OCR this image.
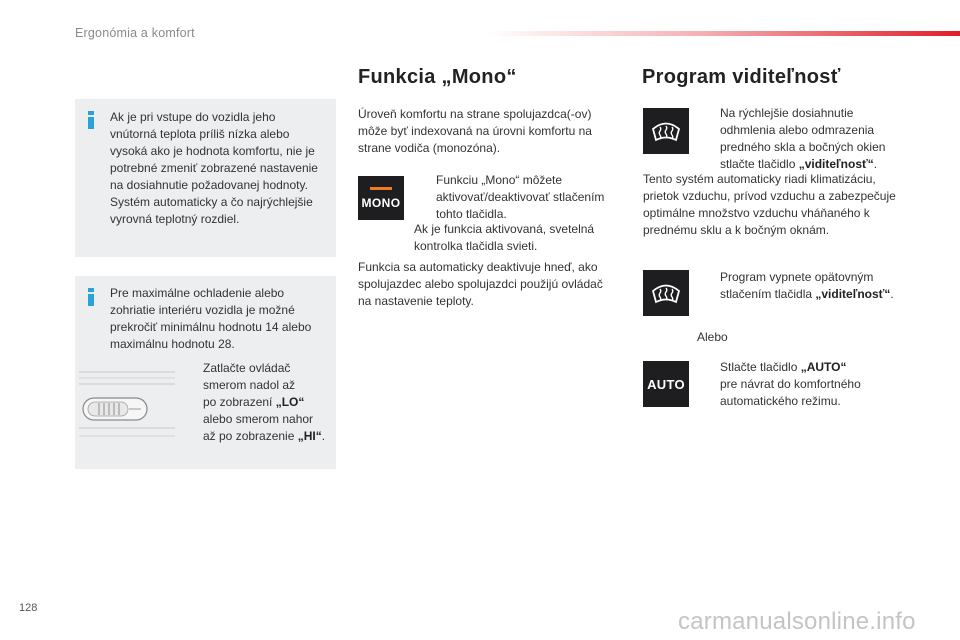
Ergonómia a komfort
Ak je pri vstupe do vozidla jeho
vnútorná teplota príliš nízka alebo
vysoká ako je hodnota komfortu, nie je
potrebné zmeniť zobrazené nastavenie
na dosiahnutie požadovanej hodnoty.
Systém automaticky a čo najrýchlejšie
vyrovná teplotný rozdiel.
Pre maximálne ochladenie alebo
zohriatie interiéru vozidla je možné
prekročiť minimálnu hodnotu 14 alebo
maximálnu hodnotu 28.
Zatlačte ovládač
smerom nadol až
po zobrazení „LO“
alebo smerom nahor
až po zobrazenie „HI“.
Funkcia „Mono“
Úroveň komfortu na strane spolujazdca(-ov)
môže byť indexovaná na úrovni komfortu na
strane vodiča (monozóna).
MONO
Funkciu „Mono“ môžete
aktivovať/deaktivovať stlačením
tohto tlačidla.
Ak je funkcia aktivovaná, svetelná
kontrolka tlačidla svieti.
Funkcia sa automaticky deaktivuje hneď, ako
spolujazdec alebo spolujazdci použijú ovládač
na nastavenie teploty.
Program viditeľnosť
Na rýchlejšie dosiahnutie
odhmlenia alebo odmrazenia
predného skla a bočných okien
stlačte tlačidlo „viditeľnosť“.
Tento systém automaticky riadi klimatizáciu,
prietok vzduchu, prívod vzduchu a zabezpečuje
optimálne množstvo vzduchu vháňaného k
prednému sklu a k bočným oknám.
Program vypnete opätovným
stlačením tlačidla „viditeľnosť“.
Alebo
AUTO
Stlačte tlačidlo „AUTO“
pre návrat do komfortného
automatického režimu.
128	carmanualsonline.info
